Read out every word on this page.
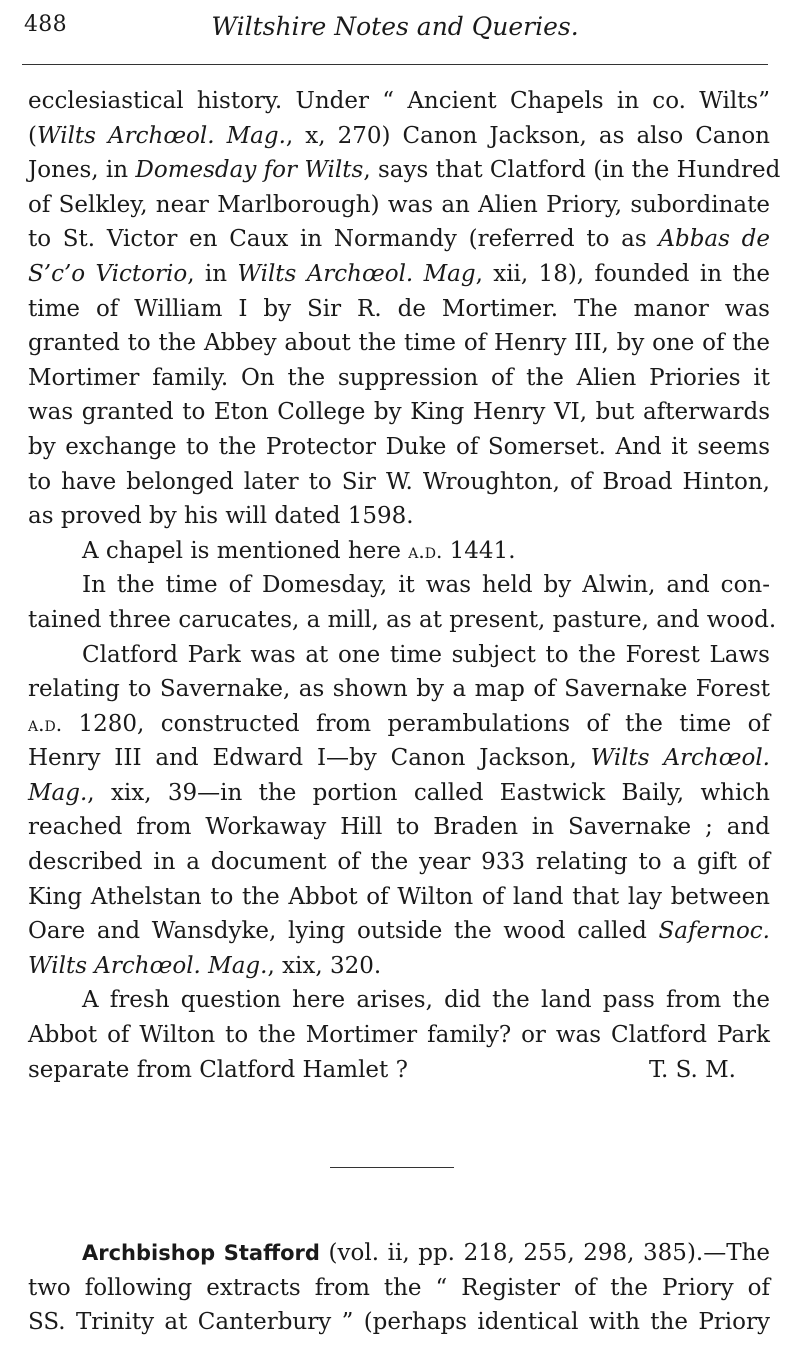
488	Wiltshire Notes and Queries.
ecclesiastical history. Under “ Ancient Chapels in co. Wilts”
(Wilts Archœol. Mag., x, 270) Canon Jackson, as also Canon
Jones, in Domesday for Wilts, says that Clatford (in the Hundred
of Selkley, near Marlborough) was an Alien Priory, subordinate
to St. Victor en Caux in Normandy (referred to as Abbas de
S’c’o Victorio, in Wilts Archœol. Mag, xii, 18), founded in the
time of William I by Sir R. de Mortimer. The manor was
granted to the Abbey about the time of Henry III, by one of the
Mortimer family. On the suppression of the Alien Priories it
was granted to Eton College by King Henry VI, but afterwards
by exchange to the Protector Duke of Somerset. And it seems
to have belonged later to Sir W. Wroughton, of Broad Hinton,
as proved by his will dated 1598.
A chapel is mentioned here a.d. 1441.
In the time of Domesday, it was held by Alwin, and con-
tained three carucates, a mill, as at present, pasture, and wood.
Clatford Park was at one time subject to the Forest Laws
relating to Savernake, as shown by a map of Savernake Forest
a.d. 1280, constructed from perambulations of the time of
Henry III and Edward I—by Canon Jackson, Wilts Archœol.
Mag., xix, 39—in the portion called Eastwick Baily, which
reached from Workaway Hill to Braden in Savernake ; and
described in a document of the year 933 relating to a gift of
King Athelstan to the Abbot of Wilton of land that lay between
Oare and Wansdyke, lying outside the wood called Safernoc.
Wilts Archœol. Mag., xix, 320.
A fresh question here arises, did the land pass from the
Abbot of Wilton to the Mortimer family? or was Clatford Park
separate from Clatford Hamlet ?	T. S. M.
Archbishop Stafford (vol. ii, pp. 218, 255, 298, 385).—The
two following extracts from the “ Register of the Priory of
SS. Trinity at Canterbury ” (perhaps identical with the Priory
